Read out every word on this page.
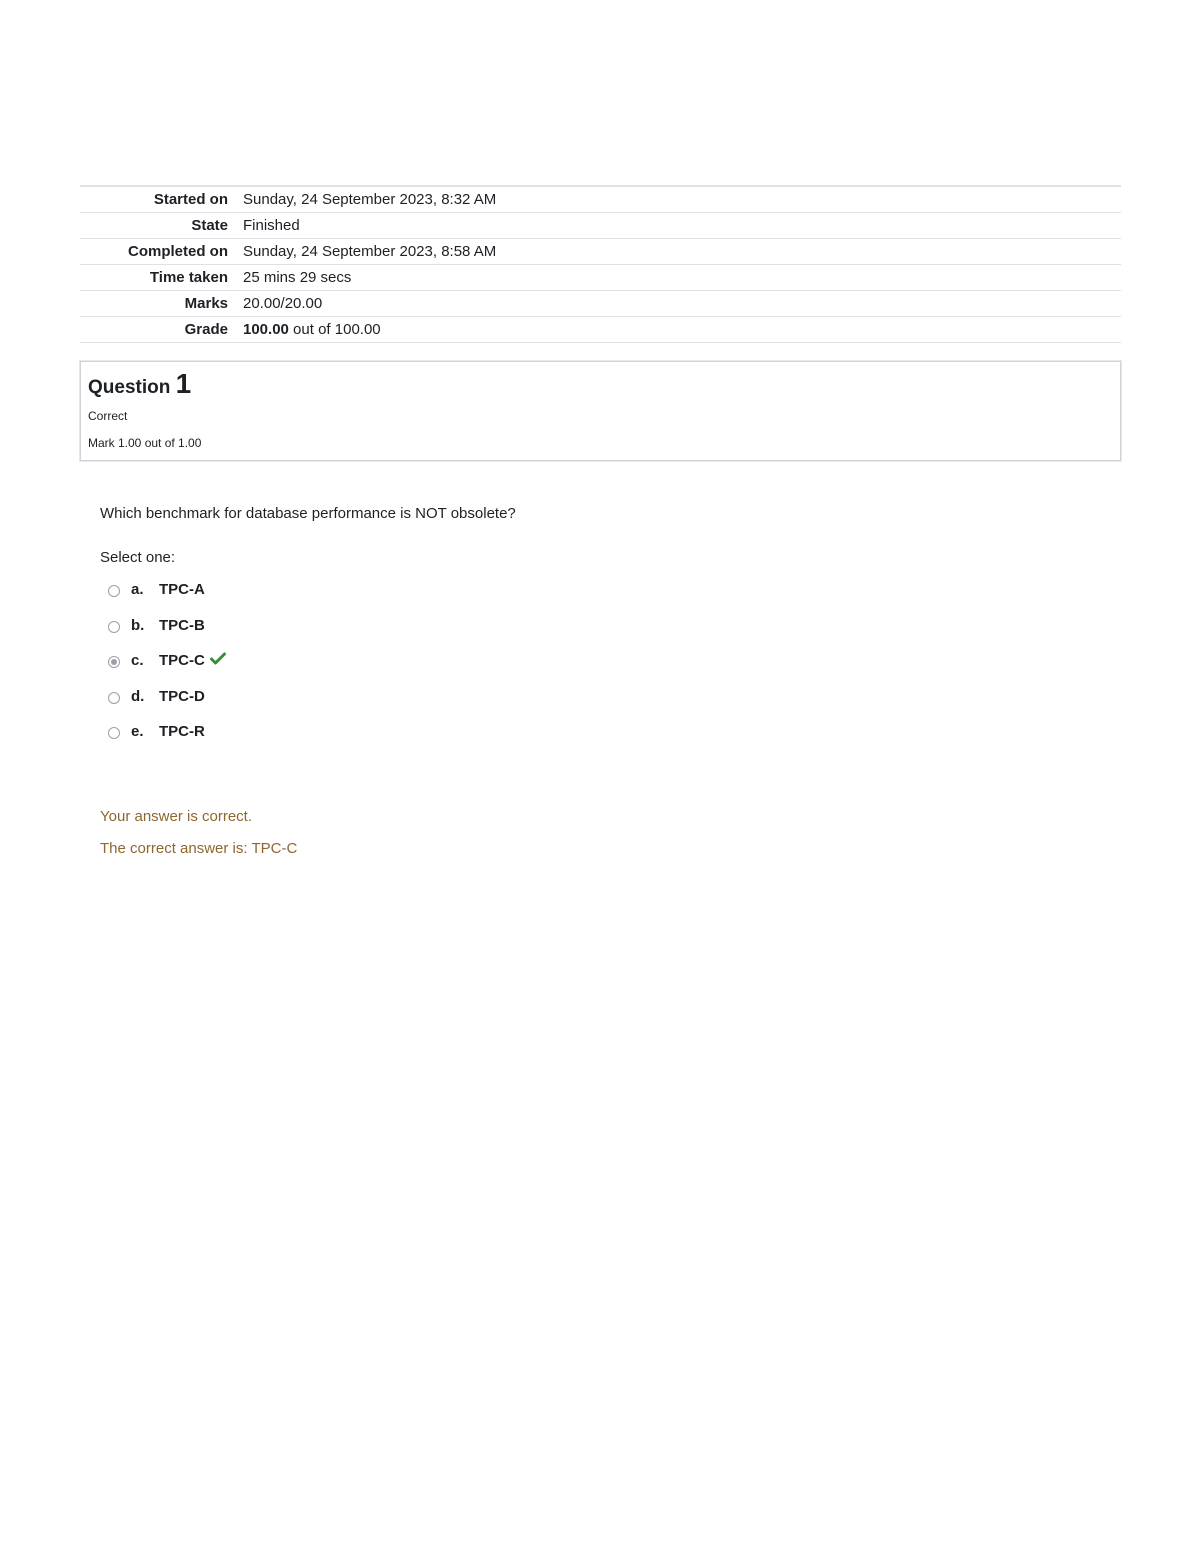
Started on	Sunday, 24 September 2023, 8:32 AM
State	Finished
Completed on	Sunday, 24 September 2023, 8:58 AM
Time taken	25 mins 29 secs
Marks	20.00/20.00
Grade	100.00 out of 100.00
Question 1
Correct
Mark 1.00 out of 1.00
Which benchmark for database performance is NOT obsolete?
Select one:
a.	TPC-A
b. TPC-B
c.	TPC-C
d. TPC-D
e.	TPC-R
Your answer is correct.
The correct answer is: TPC-C
